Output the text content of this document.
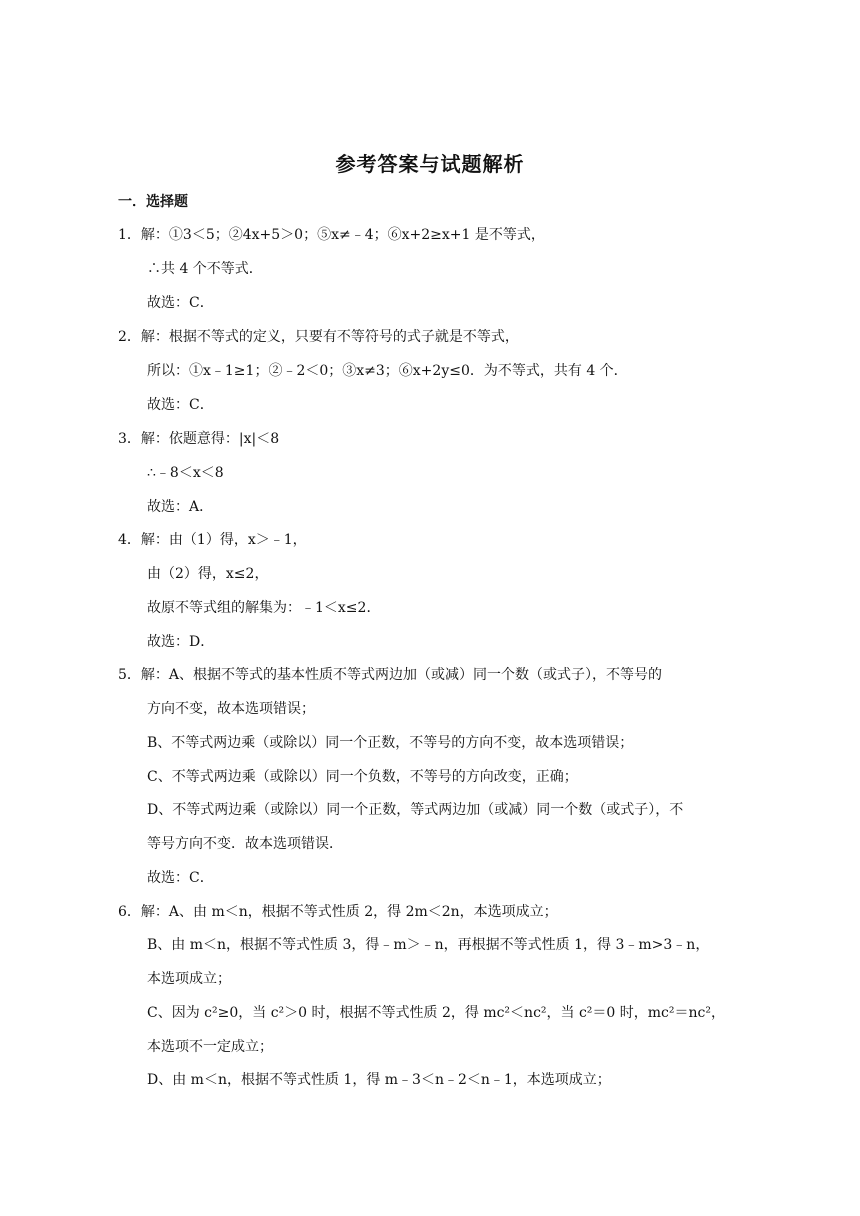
参考答案与试题解析
一．选择题
1．解：①3＜5；②4x+5＞0；⑤x≠﹣4；⑥x+2≥x+1 是不等式，
∴共 4 个不等式．
故选：C．
2．解：根据不等式的定义，只要有不等符号的式子就是不等式，
所以：①x﹣1≥1；②﹣2＜0；③x≠3；⑥x+2y≤0．为不等式，共有 4 个．
故选：C．
3．解：依题意得：|x|＜8
∴﹣8＜x＜8
故选：A．
4．解：由（1）得，x＞﹣1，
由（2）得，x≤2，
故原不等式组的解集为：﹣1＜x≤2．
故选：D．
5．解：A、根据不等式的基本性质不等式两边加（或减）同一个数（或式子），不等号的
方向不变，故本选项错误；
B、不等式两边乘（或除以）同一个正数，不等号的方向不变，故本选项错误；
C、不等式两边乘（或除以）同一个负数，不等号的方向改变，正确；
D、不等式两边乘（或除以）同一个正数，等式两边加（或减）同一个数（或式子），不
等号方向不变．故本选项错误．
故选：C．
6．解：A、由 m＜n，根据不等式性质 2，得 2m＜2n，本选项成立；
B、由 m＜n，根据不等式性质 3，得﹣m＞﹣n，再根据不等式性质 1，得 3﹣m>3﹣n，
本选项成立；
C、因为 c²≥0，当 c²＞0 时，根据不等式性质 2，得 mc²＜nc²，当 c²＝0 时，mc²＝nc²，
本选项不一定成立；
D、由 m＜n，根据不等式性质 1，得 m﹣3＜n﹣2＜n﹣1，本选项成立；
